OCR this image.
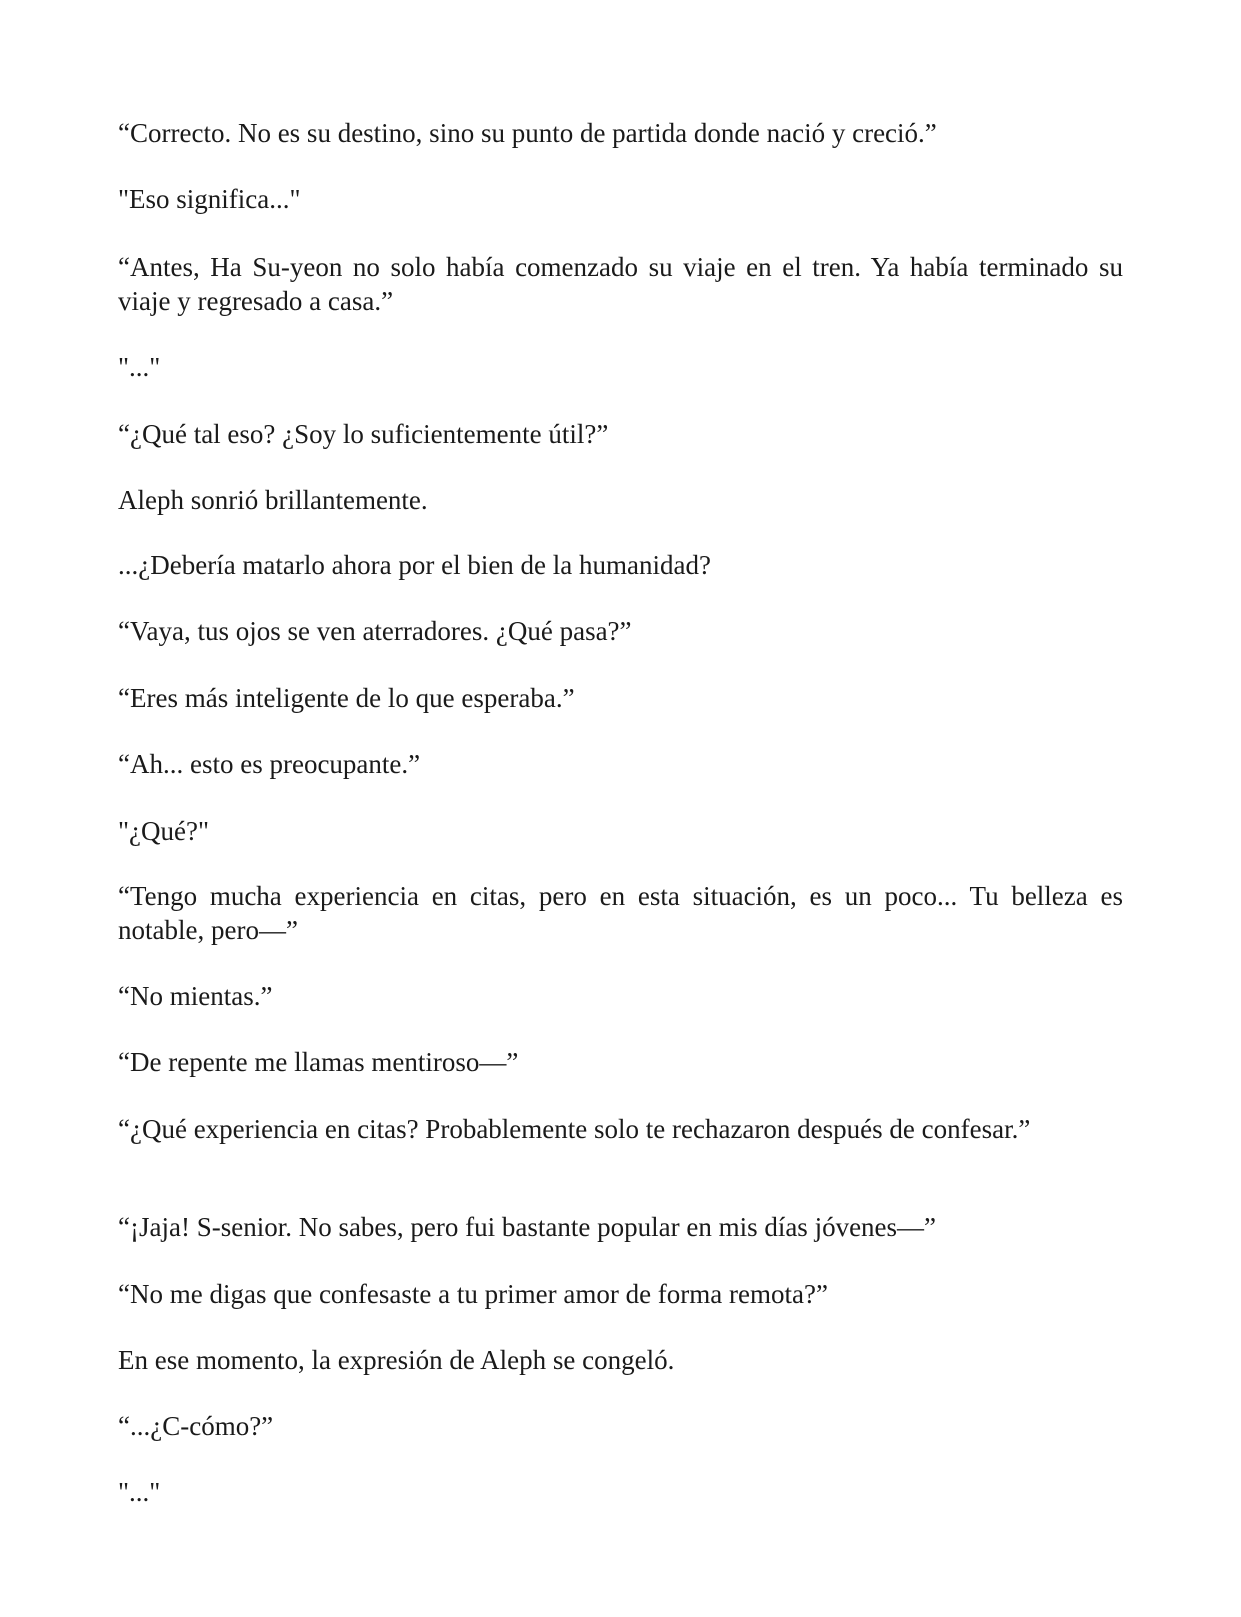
“Correcto. No es su destino, sino su punto de partida donde nació y creció.”

"Eso significa..."

“Antes, Ha Su-yeon no solo había comenzado su viaje en el tren. Ya había terminado su viaje y regresado a casa.”

"..."

“¿Qué tal eso? ¿Soy lo suficientemente útil?”

Aleph sonrió brillantemente.

...¿Debería matarlo ahora por el bien de la humanidad?

“Vaya, tus ojos se ven aterradores. ¿Qué pasa?”

“Eres más inteligente de lo que esperaba.”

“Ah... esto es preocupante.”

"¿Qué?"

“Tengo mucha experiencia en citas, pero en esta situación, es un poco... Tu belleza es notable, pero—”

“No mientas.”

“De repente me llamas mentiroso—”

“¿Qué experiencia en citas? Probablemente solo te rechazaron después de confesar.”

“¡Jaja! S-senior. No sabes, pero fui bastante popular en mis días jóvenes—”

“No me digas que confesaste a tu primer amor de forma remota?”

En ese momento, la expresión de Aleph se congeló.

“...¿C-cómo?”

"..."
